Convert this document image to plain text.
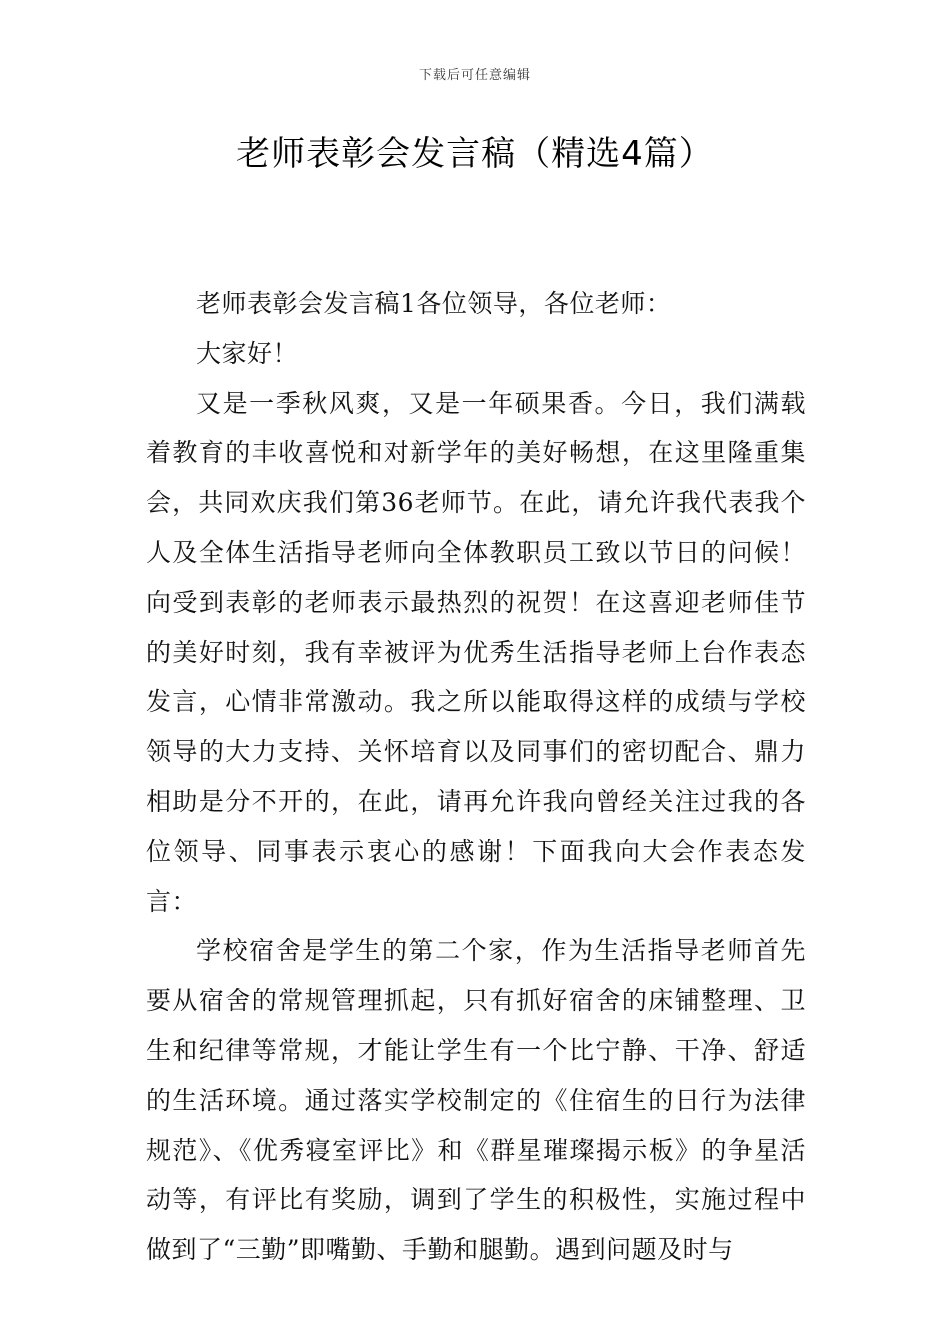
下载后可任意编辑
老师表彰会发言稿（精选4篇）

老师表彰会发言稿1各位领导，各位老师：

大家好！

又是一季秋风爽，又是一年硕果香。今日，我们满载着教育的丰收喜悦和对新学年的美好畅想，在这里隆重集会，共同欢庆我们第36老师节。在此，请允许我代表我个人及全体生活指导老师向全体教职员工致以节日的问候！向受到表彰的老师表示最热烈的祝贺！在这喜迎老师佳节的美好时刻，我有幸被评为优秀生活指导老师上台作表态发言，心情非常激动。我之所以能取得这样的成绩与学校领导的大力支持、关怀培育以及同事们的密切配合、鼎力相助是分不开的，在此，请再允许我向曾经关注过我的各位领导、同事表示衷心的感谢！下面我向大会作表态发言：

学校宿舍是学生的第二个家，作为生活指导老师首先要从宿舍的常规管理抓起，只有抓好宿舍的床铺整理、卫生和纪律等常规，才能让学生有一个比宁静、干净、舒适的生活环境。通过落实学校制定的《住宿生的日行为法律规范》、《优秀寝室评比》和《群星璀璨揭示板》的争星活动等，有评比有奖励，调到了学生的积极性，实施过程中做到了“三勤”即嘴勤、手勤和腿勤。遇到问题及时与
